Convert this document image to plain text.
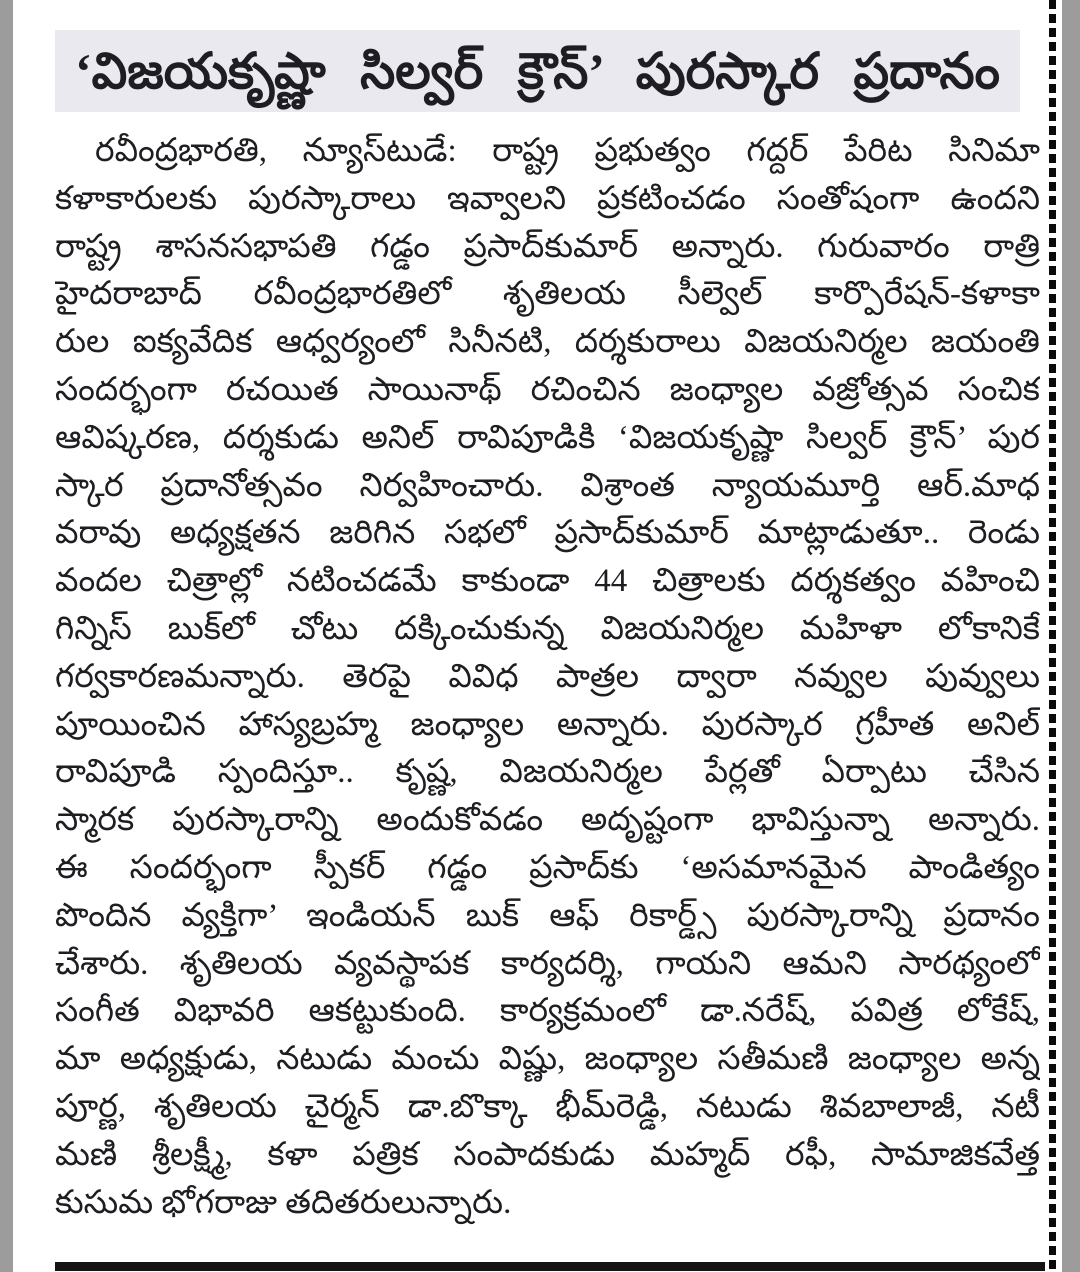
‘విజయకృష్ణా సిల్వర్ క్రౌన్’ పురస్కార ప్రదానం
రవీంద్రభారతి, న్యూస్‌టుడే: రాష్ట్ర ప్రభుత్వం గద్దర్ పేరిట సినిమా
కళాకారులకు పురస్కారాలు ఇవ్వాలని ప్రకటించడం సంతోషంగా ఉందని
రాష్ట్ర శాసనసభాపతి గడ్డం ప్రసాద్‌కుమార్ అన్నారు. గురువారం రాత్రి
హైదరాబాద్ రవీంద్రభారతిలో శృతిలయ సీల్వెల్ కార్పొరేషన్-కళాకా
రుల ఐక్యవేదిక ఆధ్వర్యంలో సినీనటి, దర్శకురాలు విజయనిర్మల జయంతి
సందర్భంగా రచయిత సాయినాథ్ రచించిన జంధ్యాల వజ్రోత్సవ సంచిక
ఆవిష్కరణ, దర్శకుడు అనిల్ రావిపూడికి ‘విజయకృష్ణా సిల్వర్ క్రౌన్’ పుర
స్కార ప్రదానోత్సవం నిర్వహించారు. విశ్రాంత న్యాయమూర్తి ఆర్.మాధ
వరావు అధ్యక్షతన జరిగిన సభలో ప్రసాద్‌కుమార్ మాట్లాడుతూ.. రెండు
వందల చిత్రాల్లో నటించడమే కాకుండా 44 చిత్రాలకు దర్శకత్వం వహించి
గిన్నిస్ బుక్‌లో చోటు దక్కించుకున్న విజయనిర్మల మహిళా లోకానికే
గర్వకారణమన్నారు. తెరపై వివిధ పాత్రల ద్వారా నవ్వుల పువ్వులు
పూయించిన హాస్యబ్రహ్మ జంధ్యాల అన్నారు. పురస్కార గ్రహీత అనిల్
రావిపూడి స్పందిస్తూ.. కృష్ణ, విజయనిర్మల పేర్లతో ఏర్పాటు చేసిన
స్మారక పురస్కారాన్ని అందుకోవడం అదృష్టంగా భావిస్తున్నా అన్నారు.
ఈ సందర్భంగా స్పీకర్ గడ్డం ప్రసాద్‌కు ‘అసమానమైన పాండిత్యం
పొందిన వ్యక్తిగా’ ఇండియన్ బుక్ ఆఫ్ రికార్డ్స్ పురస్కారాన్ని ప్రదానం
చేశారు. శృతిలయ వ్యవస్థాపక కార్యదర్శి, గాయని ఆమని సారథ్యంలో
సంగీత విభావరి ఆకట్టుకుంది. కార్యక్రమంలో డా.నరేష్, పవిత్ర లోకేష్,
మా అధ్యక్షుడు, నటుడు మంచు విష్ణు, జంధ్యాల సతీమణి జంధ్యాల అన్న
పూర్ణ, శృతిలయ చైర్మన్ డా.బొక్కా భీమ్‌రెడ్డి, నటుడు శివబాలాజీ, నటీ
మణి శ్రీలక్ష్మీ, కళా పత్రిక సంపాదకుడు మహ్మద్ రఫీ, సామాజికవేత్త
కుసుమ భోగరాజు తదితరులున్నారు.
